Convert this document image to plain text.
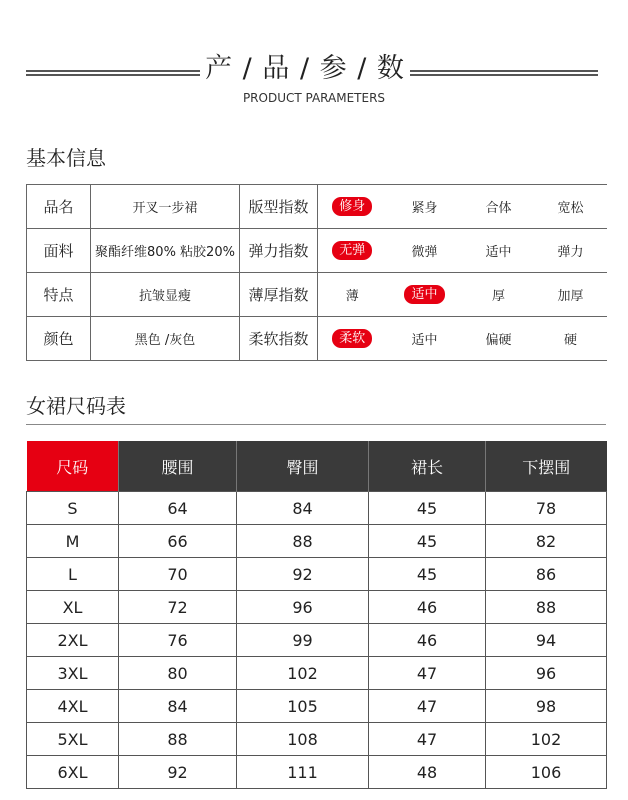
产 / 品 / 参 / 数
PRODUCT PARAMETERS
基本信息
品名	开叉一步裙	版型指数	修身	紧身	合体	宽松
面料	聚酯纤维80% 粘胶20%	弹力指数	无弹	微弹	适中	弹力
特点	抗皱显瘦	薄厚指数	薄	适中	厚	加厚
颜色	黑色 /灰色	柔软指数	柔软	适中	偏硬	硬
女裙尺码表
尺码	腰围	臀围	裙长	下摆围
S	64	84	45	78
M	66	88	45	82
L	70	92	45	86
XL	72	96	46	88
2XL	76	99	46	94
3XL	80	102	47	96
4XL	84	105	47	98
5XL	88	108	47	102
6XL	92	111	48	106
